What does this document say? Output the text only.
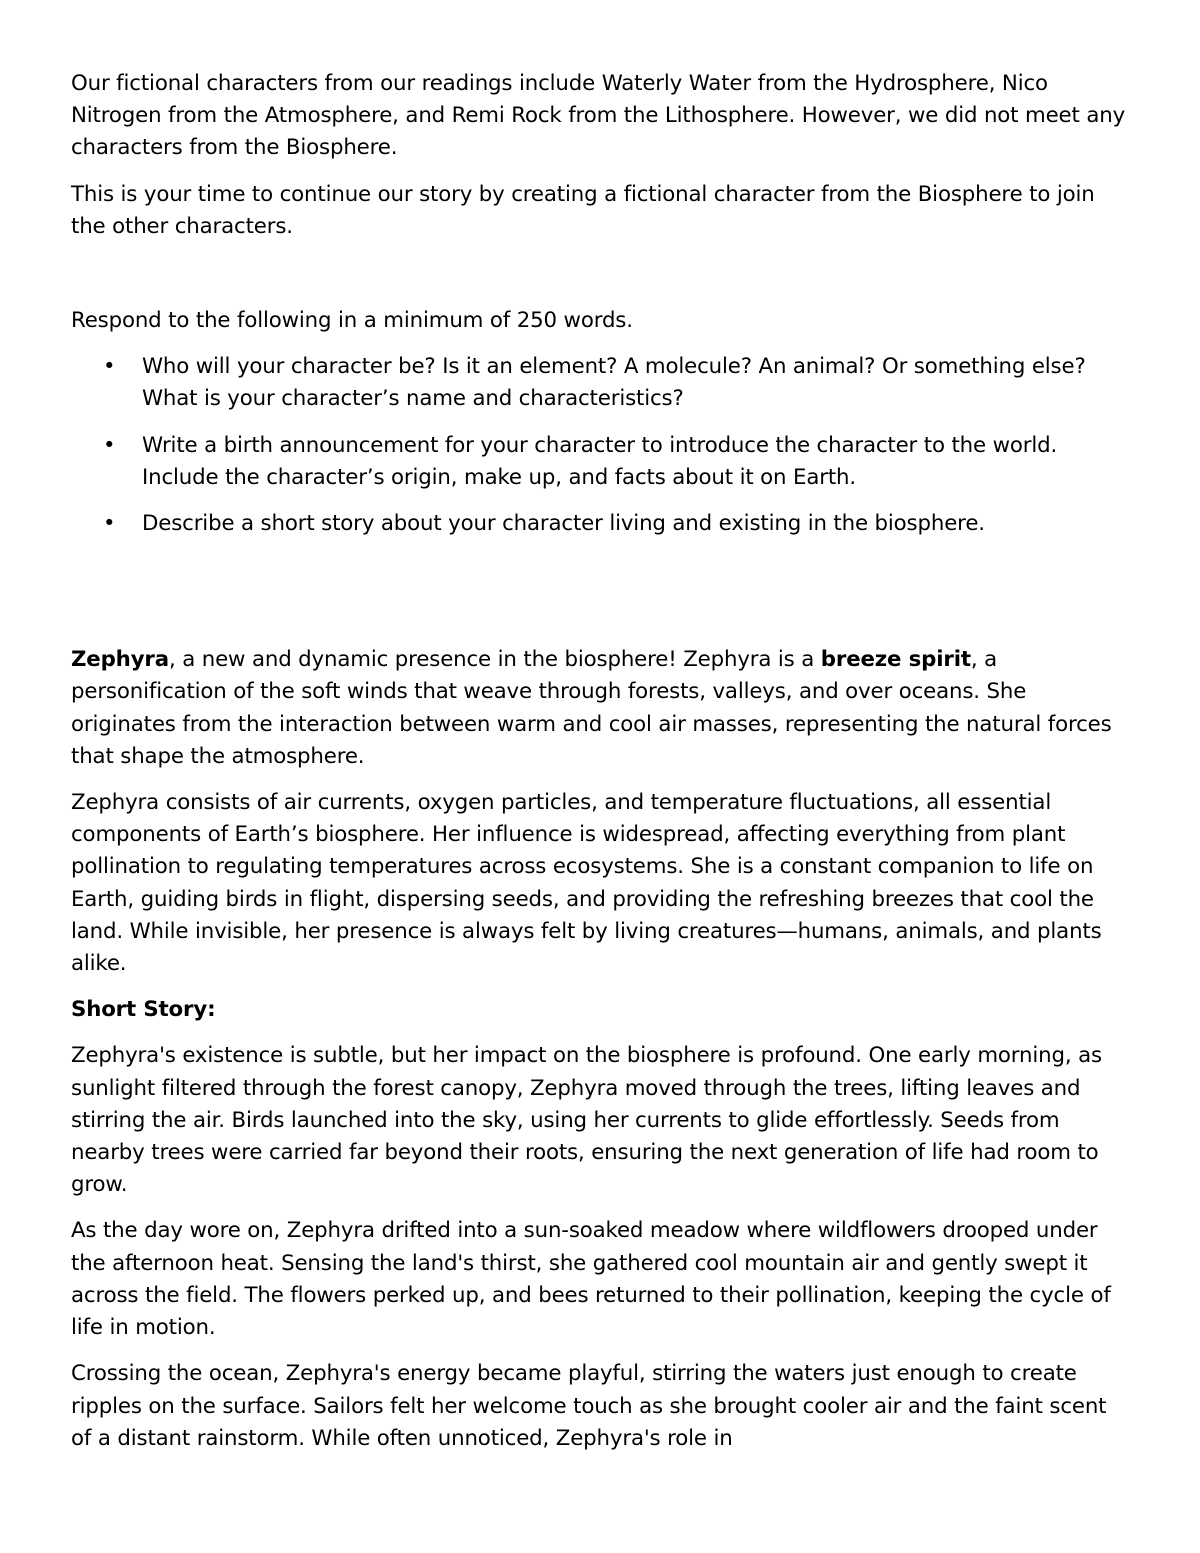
Our fictional characters from our readings include Waterly Water from the Hydrosphere, Nico Nitrogen from the Atmosphere, and Remi Rock from the Lithosphere. However, we did not meet any characters from the Biosphere.

This is your time to continue our story by creating a fictional character from the Biosphere to join the other characters.

Respond to the following in a minimum of 250 words.

• Who will your character be? Is it an element? A molecule? An animal? Or something else? What is your character’s name and characteristics?
• Write a birth announcement for your character to introduce the character to the world. Include the character’s origin, make up, and facts about it on Earth.
• Describe a short story about your character living and existing in the biosphere.

Zephyra, a new and dynamic presence in the biosphere! Zephyra is a breeze spirit, a personification of the soft winds that weave through forests, valleys, and over oceans. She originates from the interaction between warm and cool air masses, representing the natural forces that shape the atmosphere.

Zephyra consists of air currents, oxygen particles, and temperature fluctuations, all essential components of Earth’s biosphere. Her influence is widespread, affecting everything from plant pollination to regulating temperatures across ecosystems. She is a constant companion to life on Earth, guiding birds in flight, dispersing seeds, and providing the refreshing breezes that cool the land. While invisible, her presence is always felt by living creatures—humans, animals, and plants alike.

Short Story:

Zephyra's existence is subtle, but her impact on the biosphere is profound. One early morning, as sunlight filtered through the forest canopy, Zephyra moved through the trees, lifting leaves and stirring the air. Birds launched into the sky, using her currents to glide effortlessly. Seeds from nearby trees were carried far beyond their roots, ensuring the next generation of life had room to grow.

As the day wore on, Zephyra drifted into a sun-soaked meadow where wildflowers drooped under the afternoon heat. Sensing the land's thirst, she gathered cool mountain air and gently swept it across the field. The flowers perked up, and bees returned to their pollination, keeping the cycle of life in motion.

Crossing the ocean, Zephyra's energy became playful, stirring the waters just enough to create ripples on the surface. Sailors felt her welcome touch as she brought cooler air and the faint scent of a distant rainstorm. While often unnoticed, Zephyra's role in
